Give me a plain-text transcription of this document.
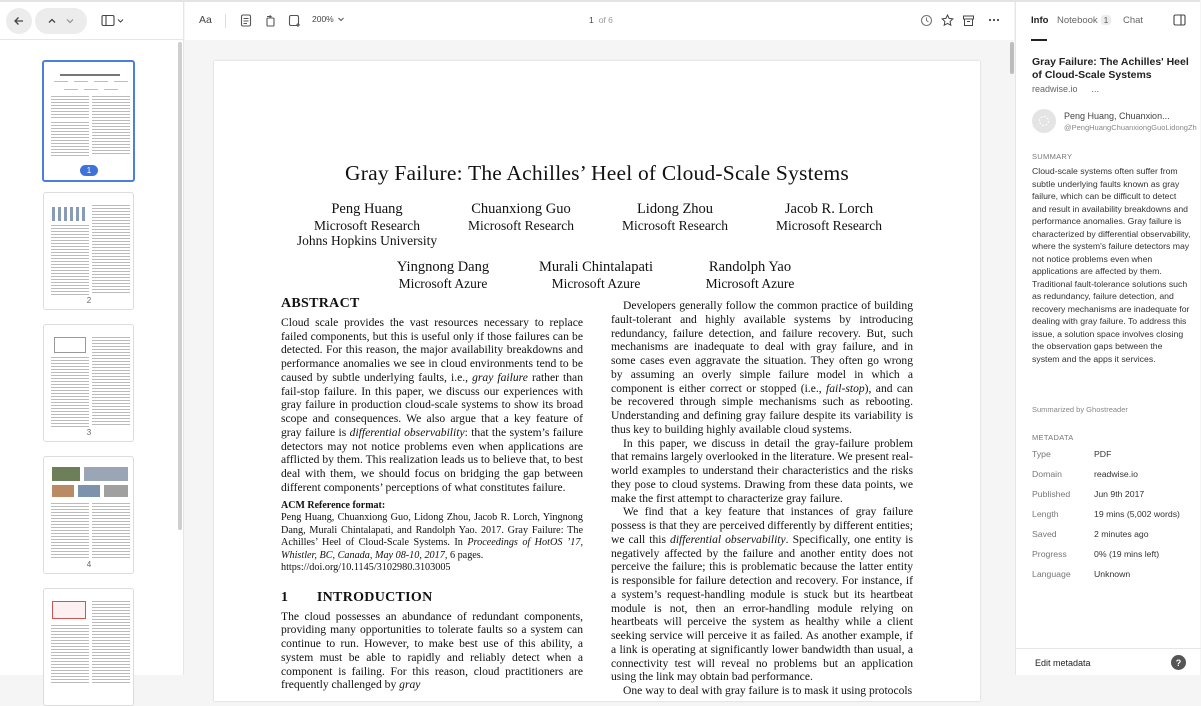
1
2
3
4
Aa	200%	1 of 6
Gray Failure: The Achilles’ Heel of Cloud-Scale Systems
Peng Huang
Microsoft Research
Johns Hopkins University
Chuanxiong Guo
Microsoft Research
Lidong Zhou
Microsoft Research
Jacob R. Lorch
Microsoft Research
Yingnong Dang
Microsoft Azure
Murali Chintalapati
Microsoft Azure
Randolph Yao
Microsoft Azure
ABSTRACT

Cloud scale provides the vast resources necessary to replace failed components, but this is useful only if those failures can be detected. For this reason, the major availability breakdowns and performance anomalies we see in cloud environments tend to be caused by subtle underlying faults, i.e., gray failure rather than fail-stop failure. In this paper, we discuss our experiences with gray failure in production cloud-scale systems to show its broad scope and consequences. We also argue that a key feature of gray failure is differential observability: that the system’s failure detectors may not notice problems even when applications are afflicted by them. This realization leads us to believe that, to best deal with them, we should focus on bridging the gap between different components’ perceptions of what constitutes failure.

ACM Reference format:

Peng Huang, Chuanxiong Guo, Lidong Zhou, Jacob R. Lorch, Yingnong Dang, Murali Chintalapati, and Randolph Yao. 2017. Gray Failure: The Achilles’ Heel of Cloud-Scale Systems. In Proceedings of HotOS ’17, Whistler, BC, Canada, May 08-10, 2017, 6 pages.

https://doi.org/10.1145/3102980.3103005

1  INTRODUCTION

The cloud possesses an abundance of redundant components, providing many opportunities to tolerate faults so a system can continue to run. However, to make best use of this ability, a system must be able to rapidly and reliably detect when a component is failing. For this reason, cloud practitioners are frequently challenged by gray

Developers generally follow the common practice of building fault-tolerant and highly available systems by introducing redundancy, failure detection, and failure recovery. But, such mechanisms are inadequate to deal with gray failure, and in some cases even aggravate the situation. They often go wrong by assuming an overly simple failure model in which a component is either correct or stopped (i.e., fail-stop), and can be recovered through simple mechanisms such as rebooting. Understanding and defining gray failure despite its variability is thus key to building highly available cloud systems.

In this paper, we discuss in detail the gray-failure problem that remains largely overlooked in the literature. We present real-world examples to understand their characteristics and the risks they pose to cloud systems. Drawing from these data points, we make the first attempt to characterize gray failure.

We find that a key feature that instances of gray failure possess is that they are perceived differently by different entities; we call this differential observability. Specifically, one entity is negatively affected by the failure and another entity does not perceive the failure; this is problematic because the latter entity is responsible for failure detection and recovery. For instance, if a system’s request-handling module is stuck but its heartbeat module is not, then an error-handling module relying on heartbeats will perceive the system as healthy while a client seeking service will perceive it as failed. As another example, if a link is operating at significantly lower bandwidth than usual, a connectivity test will reveal no problems but an application using the link may obtain bad performance.

One way to deal with gray failure is to mask it using protocols

Info Notebook 1	Chat
Gray Failure: The Achilles' Heel of Cloud-Scale Systems
readwise.io ...
Peng Huang, Chuanxion...
@PengHuangChuanxiongGuoLidongZh
SUMMARY
Cloud-scale systems often suffer from subtle underlying faults known as gray failure, which can be difficult to detect and result in availability breakdowns and performance anomalies. Gray failure is characterized by differential observability, where the system's failure detectors may not notice problems even when applications are affected by them. Traditional fault-tolerance solutions such as redundancy, failure detection, and recovery mechanisms are inadequate for dealing with gray failure. To address this issue, a solution space involves closing the observation gaps between the system and the apps it services.
Summarized by Ghostreader
METADATA
Type	PDF
Domain	readwise.io
Published	Jun 9th 2017
Length	19 mins (5,002 words)
Saved	2 minutes ago
Progress	0% (19 mins left)
Language	Unknown
Edit metadata	?
